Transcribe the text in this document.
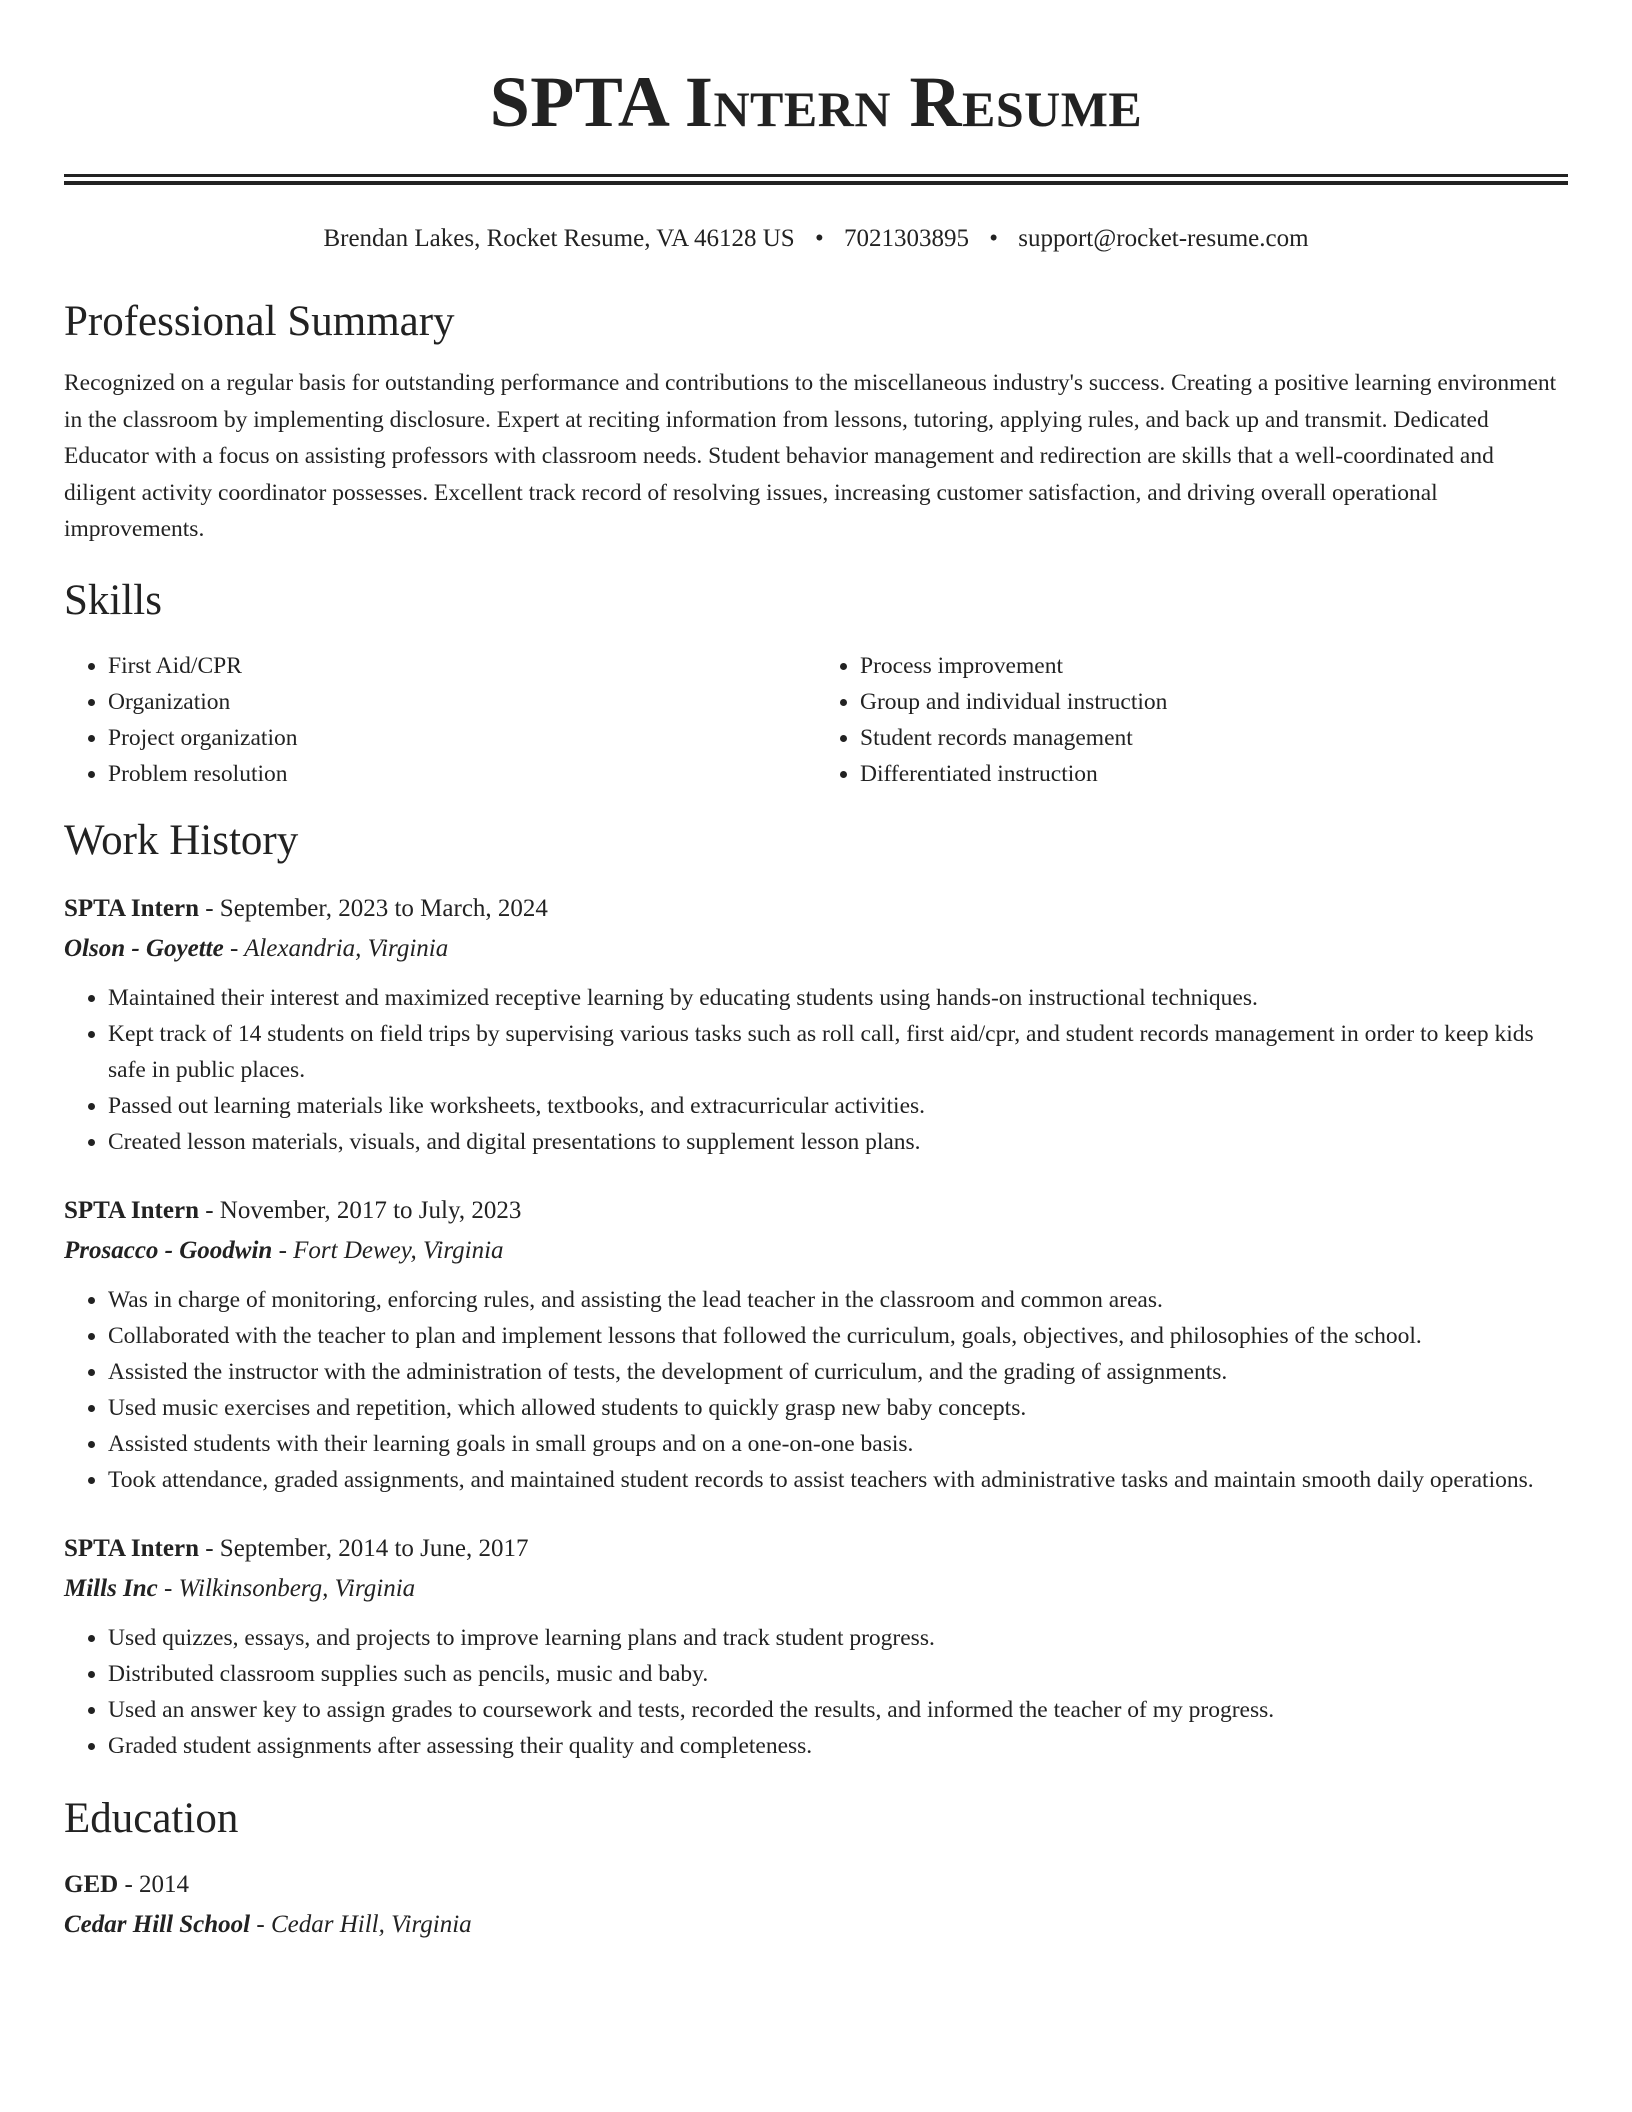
SPTA Intern Resume
Brendan Lakes, Rocket Resume, VA 46128 US • 7021303895 • support@rocket-resume.com
Professional Summary
Recognized on a regular basis for outstanding performance and contributions to the miscellaneous industry's success. Creating a positive learning environment in the classroom by implementing disclosure. Expert at reciting information from lessons, tutoring, applying rules, and back up and transmit. Dedicated Educator with a focus on assisting professors with classroom needs. Student behavior management and redirection are skills that a well-coordinated and diligent activity coordinator possesses. Excellent track record of resolving issues, increasing customer satisfaction, and driving overall operational improvements.
Skills
• First Aid/CPR
• Organization
• Project organization
• Problem resolution
• Process improvement
• Group and individual instruction
• Student records management
• Differentiated instruction
Work History
SPTA Intern - September, 2023 to March, 2024
Olson - Goyette - Alexandria, Virginia
• Maintained their interest and maximized receptive learning by educating students using hands-on instructional techniques.
• Kept track of 14 students on field trips by supervising various tasks such as roll call, first aid/cpr, and student records management in order to keep kids safe in public places.
• Passed out learning materials like worksheets, textbooks, and extracurricular activities.
• Created lesson materials, visuals, and digital presentations to supplement lesson plans.
SPTA Intern - November, 2017 to July, 2023
Prosacco - Goodwin - Fort Dewey, Virginia
• Was in charge of monitoring, enforcing rules, and assisting the lead teacher in the classroom and common areas.
• Collaborated with the teacher to plan and implement lessons that followed the curriculum, goals, objectives, and philosophies of the school.
• Assisted the instructor with the administration of tests, the development of curriculum, and the grading of assignments.
• Used music exercises and repetition, which allowed students to quickly grasp new baby concepts.
• Assisted students with their learning goals in small groups and on a one-on-one basis.
• Took attendance, graded assignments, and maintained student records to assist teachers with administrative tasks and maintain smooth daily operations.
SPTA Intern - September, 2014 to June, 2017
Mills Inc - Wilkinsonberg, Virginia
• Used quizzes, essays, and projects to improve learning plans and track student progress.
• Distributed classroom supplies such as pencils, music and baby.
• Used an answer key to assign grades to coursework and tests, recorded the results, and informed the teacher of my progress.
• Graded student assignments after assessing their quality and completeness.
Education
GED - 2014
Cedar Hill School - Cedar Hill, Virginia
